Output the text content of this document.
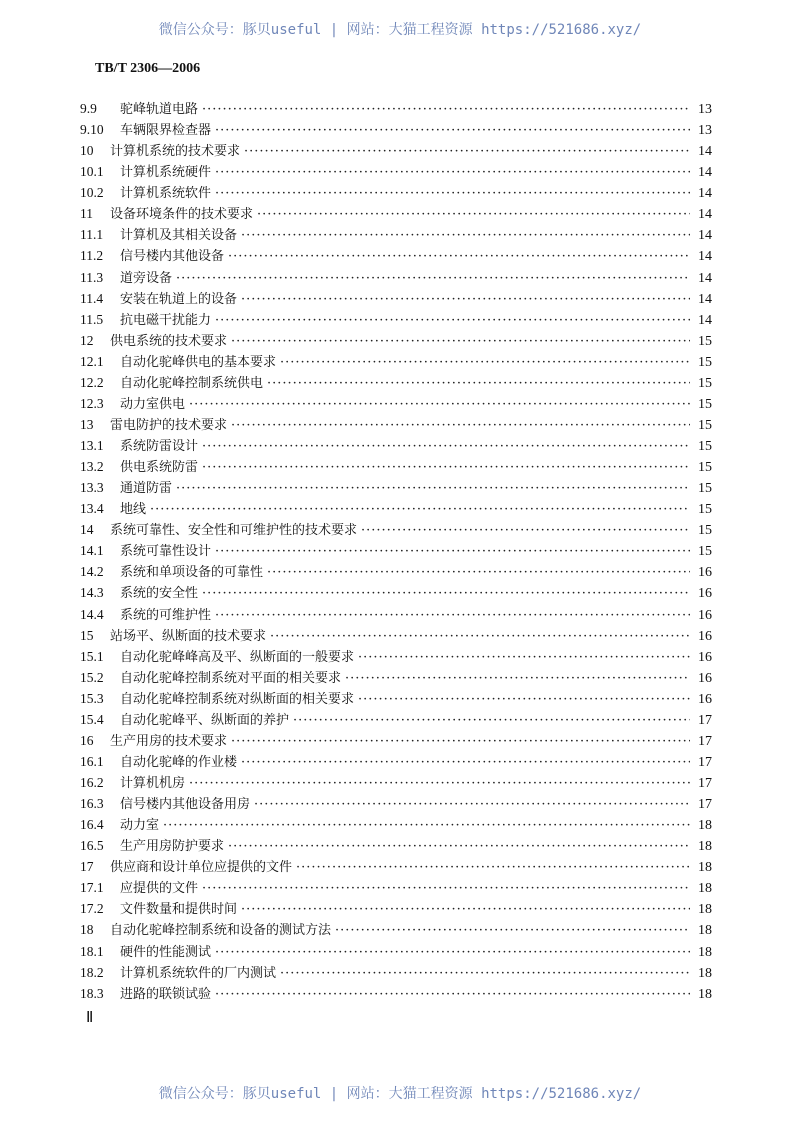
微信公众号：豚贝useful | 网站：大猫工程资源 https://521686.xyz/
TB/T 2306—2006
9.9	驼峰轨道电路 ·····	13
9.10	车辆限界检查器 ·····	13
10	计算机系统的技术要求 ·····	14
10.1	计算机系统硬件 ·····	14
10.2	计算机系统软件 ·····	14
11	设备环境条件的技术要求 ·····	14
11.1	计算机及其相关设备 ·····	14
11.2	信号楼内其他设备 ·····	14
11.3	道旁设备 ·····	14
11.4	安装在轨道上的设备 ·····	14
11.5	抗电磁干扰能力 ·····	14
12	供电系统的技术要求 ·····	15
12.1	自动化驼峰供电的基本要求 ·····	15
12.2	自动化驼峰控制系统供电 ·····	15
12.3	动力室供电 ·····	15
13	雷电防护的技术要求 ·····	15
13.1	系统防雷设计 ·····	15
13.2	供电系统防雷 ·····	15
13.3	通道防雷 ·····	15
13.4	地线 ·····	15
14	系统可靠性、安全性和可维护性的技术要求 ·····	15
14.1	系统可靠性设计 ·····	15
14.2	系统和单项设备的可靠性 ·····	16
14.3	系统的安全性 ·····	16
14.4	系统的可维护性 ·····	16
15	站场平、纵断面的技术要求 ·····	16
15.1	自动化驼峰峰高及平、纵断面的一般要求 ·····	16
15.2	自动化驼峰控制系统对平面的相关要求 ·····	16
15.3	自动化驼峰控制系统对纵断面的相关要求 ·····	16
15.4	自动化驼峰平、纵断面的养护 ·····	17
16	生产用房的技术要求 ·····	17
16.1	自动化驼峰的作业楼 ·····	17
16.2	计算机机房 ·····	17
16.3	信号楼内其他设备用房 ·····	17
16.4	动力室 ·····	18
16.5	生产用房防护要求 ·····	18
17	供应商和设计单位应提供的文件 ·····	18
17.1	应提供的文件 ·····	18
17.2	文件数量和提供时间 ·····	18
18	自动化驼峰控制系统和设备的测试方法 ·····	18
18.1	硬件的性能测试 ·····	18
18.2	计算机系统软件的厂内测试 ·····	18
18.3	进路的联锁试验 ·····	18
Ⅱ
微信公众号：豚贝useful | 网站：大猫工程资源 https://521686.xyz/
